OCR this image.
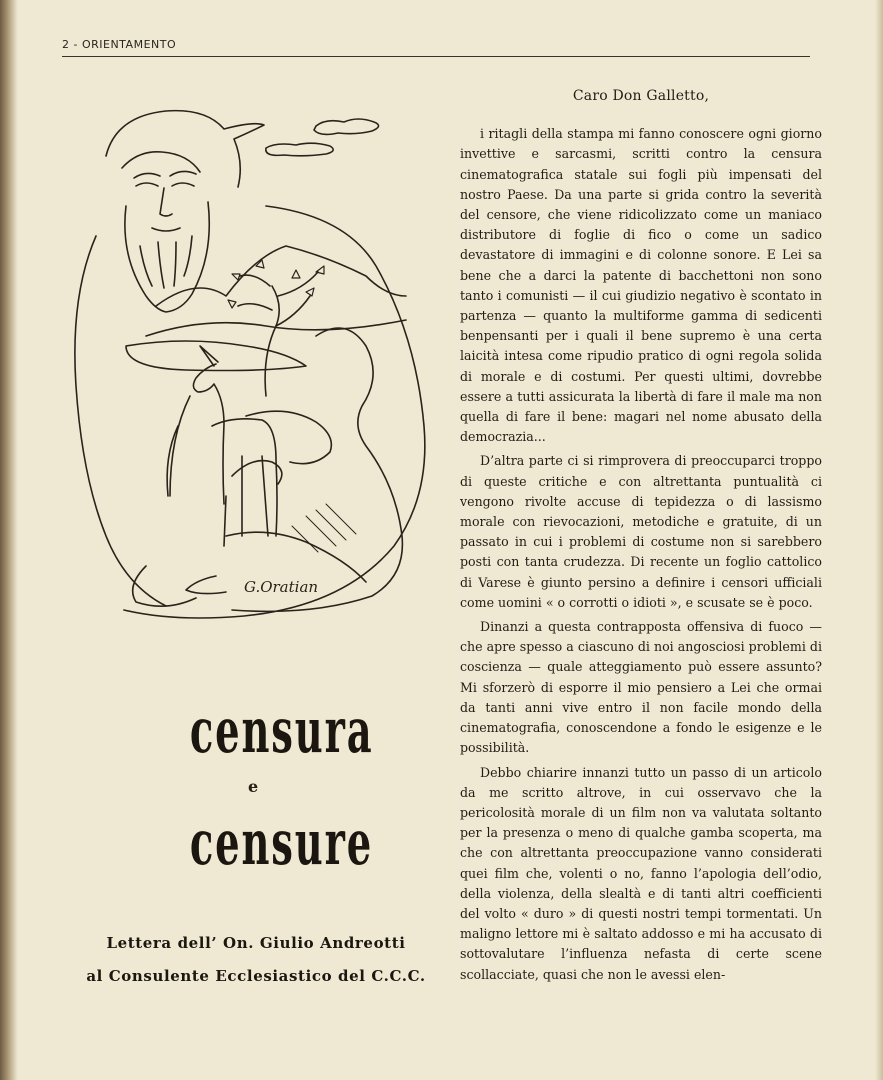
2 - ORIENTAMENTO
G.Oratian
censura
e
censure
Lettera dell’ On. Giulio Andreotti
al Consulente Ecclesiastico del C.C.C.

Caro Don Galletto,

i ritagli della stampa mi fanno conoscere ogni giorno invettive e sarcasmi, scritti contro la censura cinematografica statale sui fogli più impensati del nostro Paese. Da una parte si grida contro la severità del censore, che viene ridicolizzato come un maniaco distributore di foglie di fico o come un sadico devastatore di immagini e di colonne sonore. E Lei sa bene che a darci la patente di bacchettoni non sono tanto i comunisti — il cui giudizio negativo è scontato in partenza — quanto la multiforme gamma di sedicenti benpensanti per i quali il bene supremo è una certa laicità intesa come ripudio pratico di ogni regola solida di morale e di costumi. Per questi ultimi, dovrebbe essere a tutti assicurata la libertà di fare il male ma non quella di fare il bene: magari nel nome abusato della democrazia...

D’altra parte ci si rimprovera di preoccuparci troppo di queste critiche e con altrettanta puntualità ci vengono rivolte accuse di tepidezza o di lassismo morale con rievocazioni, metodiche e gratuite, di un passato in cui i problemi di costume non si sarebbero posti con tanta crudezza. Di recente un foglio cattolico di Varese è giunto persino a definire i censori ufficiali come uomini « o corrotti o idioti », e scusate se è poco.

Dinanzi a questa contrapposta offensiva di fuoco — che apre spesso a ciascuno di noi angosciosi problemi di coscienza — quale atteggiamento può essere assunto? Mi sforzerò di esporre il mio pensiero a Lei che ormai da tanti anni vive entro il non facile mondo della cinematografia, conoscendone a fondo le esigenze e le possibilità.

Debbo chiarire innanzi tutto un passo di un articolo da me scritto altrove, in cui osservavo che la pericolosità morale di un film non va valutata soltanto per la presenza o meno di qualche gamba scoperta, ma che con altrettanta preoccupazione vanno considerati quei film che, volenti o no, fanno l’apologia dell’odio, della violenza, della slealtà e di tanti altri coefficienti del volto « duro » di questi nostri tempi tormentati. Un maligno lettore mi è saltato addosso e mi ha accusato di sottovalutare l’influenza nefasta di certe scene scollacciate, quasi che non le avessi elen-
